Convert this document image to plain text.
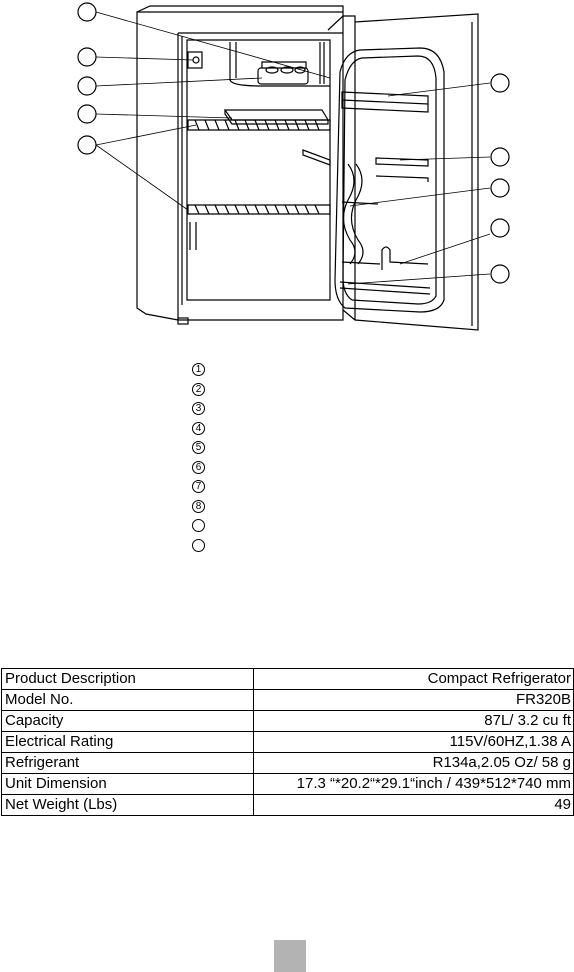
1
2
3
4
5
6
7
8
Product Description	Compact Refrigerator
Model No.	FR320B
Capacity	87L/ 3.2 cu ft
Electrical Rating	115V/60HZ,1.38 A
Refrigerant	R134a,2.05 Oz/ 58 g
Unit Dimension	17.3 “*20.2“*29.1“inch / 439*512*740 mm
Net Weight (Lbs)	49
